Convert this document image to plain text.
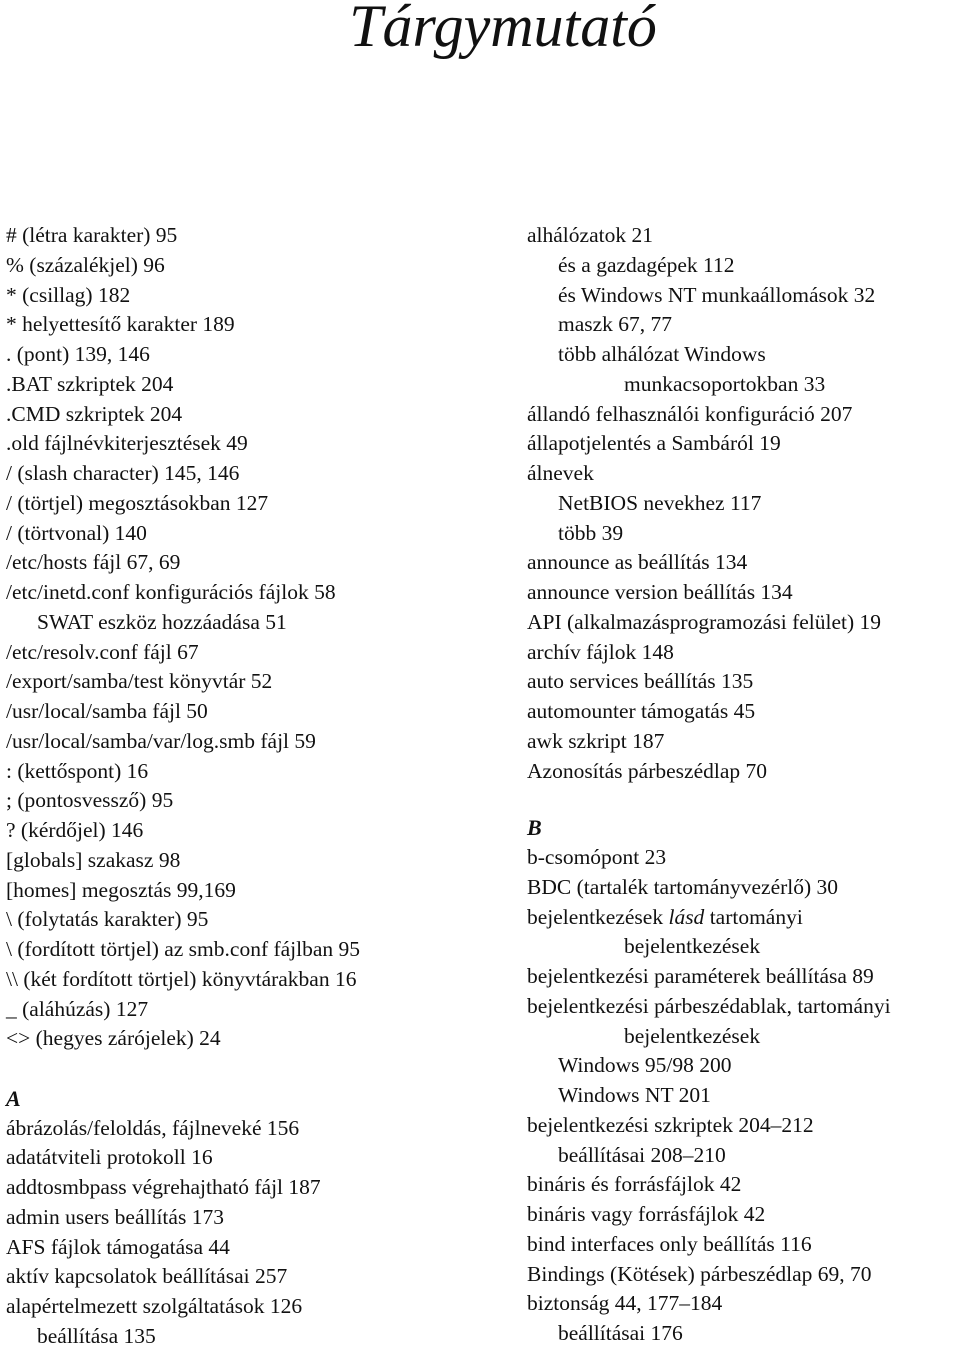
Tárgymutató
# (létra karakter) 95
% (százalékjel) 96
* (csillag) 182
* helyettesítő karakter 189
. (pont) 139, 146
.BAT szkriptek 204
.CMD szkriptek 204
.old fájlnévkiterjesztések 49
/ (slash character) 145, 146
/ (törtjel) megosztásokban 127
/ (törtvonal) 140
/etc/hosts fájl 67, 69
/etc/inetd.conf konfigurációs fájlok 58
SWAT eszköz hozzáadása 51
/etc/resolv.conf fájl 67
/export/samba/test könyvtár 52
/usr/local/samba fájl 50
/usr/local/samba/var/log.smb fájl 59
: (kettőspont) 16
; (pontosvessző) 95
? (kérdőjel) 146
[globals] szakasz 98
[homes] megosztás 99,169
\ (folytatás karakter) 95
\ (fordított törtjel) az smb.conf fájlban 95
\\ (két fordított törtjel) könyvtárakban 16
_ (aláhúzás) 127
<> (hegyes zárójelek) 24
A
ábrázolás/feloldás, fájlneveké 156
adatátviteli protokoll 16
addtosmbpass végrehajtható fájl 187
admin users beállítás 173
AFS fájlok támogatása 44
aktív kapcsolatok beállításai 257
alapértelmezett szolgáltatások 126
beállítása 135
alhálózatok 21
és a gazdagépek 112
és Windows NT munkaállomások 32
maszk 67, 77
több alhálózat Windows
munkacsoportokban 33
állandó felhasználói konfiguráció 207
állapotjelentés a Sambáról 19
álnevek
NetBIOS nevekhez 117
több 39
announce as beállítás 134
announce version beállítás 134
API (alkalmazásprogramozási felület) 19
archív fájlok 148
auto services beállítás 135
automounter támogatás 45
awk szkript 187
Azonosítás párbeszédlap 70
B
b-csomópont 23
BDC (tartalék tartományvezérlő) 30
bejelentkezések lásd tartományi
bejelentkezések
bejelentkezési paraméterek beállítása 89
bejelentkezési párbeszédablak, tartományi
bejelentkezések
Windows 95/98 200
Windows NT 201
bejelentkezési szkriptek 204–212
beállításai 208–210
bináris és forrásfájlok 42
bináris vagy forrásfájlok 42
bind interfaces only beállítás 116
Bindings (Kötések) párbeszédlap 69, 70
biztonság 44, 177–184
beállításai 176
